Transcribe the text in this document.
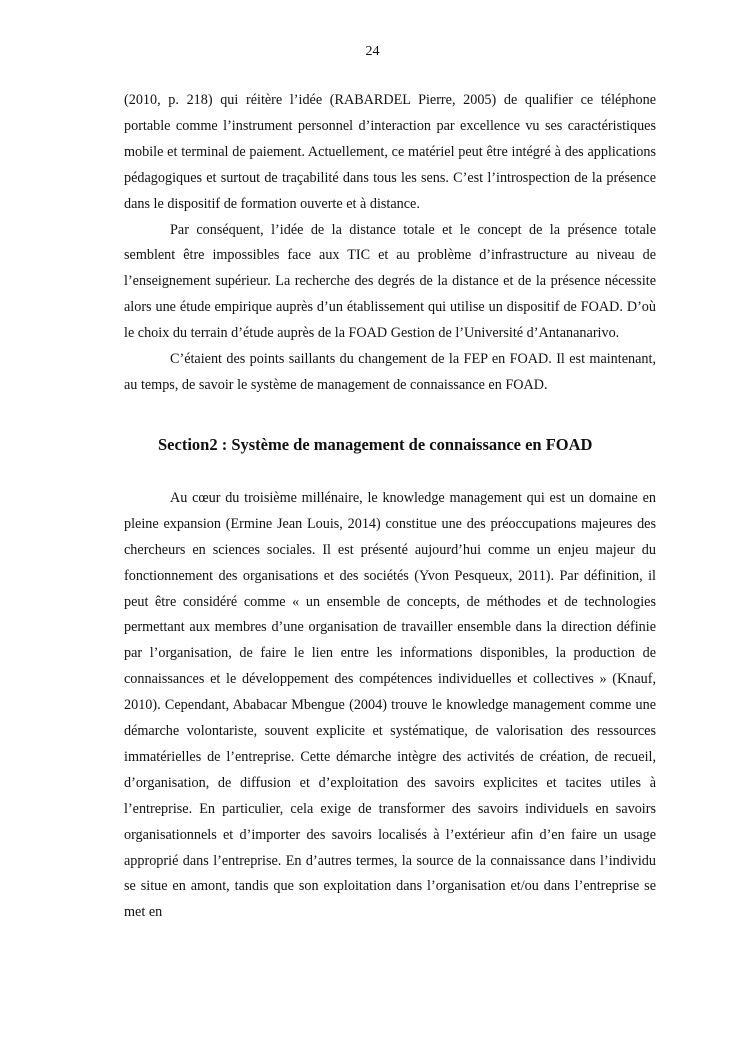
24

(2010, p. 218) qui réitère l’idée (RABARDEL Pierre, 2005) de qualifier ce téléphone portable comme l’instrument personnel d’interaction par excellence vu ses caractéristiques mobile et terminal de paiement. Actuellement, ce matériel peut être intégré à des applications pédagogiques et surtout de traçabilité dans tous les sens. C’est l’introspection de la présence dans le dispositif de formation ouverte et à distance.

Par conséquent, l’idée de la distance totale et le concept de la présence totale semblent être impossibles face aux TIC et au problème d’infrastructure au niveau de l’enseignement supérieur. La recherche des degrés de la distance et de la présence nécessite alors une étude empirique auprès d’un établissement qui utilise un dispositif de FOAD. D’où le choix du terrain d’étude auprès de la FOAD Gestion de l’Université d’Antananarivo.

C’étaient des points saillants du changement de la FEP en FOAD. Il est maintenant, au temps, de savoir le système de management de connaissance en FOAD.

Section2 : Système de management de connaissance en FOAD

Au cœur du troisième millénaire, le knowledge management qui est un domaine en pleine expansion (Ermine Jean Louis, 2014) constitue une des préoccupations majeures des chercheurs en sciences sociales. Il est présenté aujourd’hui comme un enjeu majeur du fonctionnement des organisations et des sociétés (Yvon Pesqueux, 2011). Par définition, il peut être considéré comme « un ensemble de concepts, de méthodes et de technologies permettant aux membres d’une organisation de travailler ensemble dans la direction définie par l’organisation, de faire le lien entre les informations disponibles, la production de connaissances et le développement des compétences individuelles et collectives » (Knauf, 2010). Cependant, Ababacar Mbengue (2004) trouve le knowledge management comme une démarche volontariste, souvent explicite et systématique, de valorisation des ressources immatérielles de l’entreprise. Cette démarche intègre des activités de création, de recueil, d’organisation, de diffusion et d’exploitation des savoirs explicites et tacites utiles à l’entreprise. En particulier, cela exige de transformer des savoirs individuels en savoirs organisationnels et d’importer des savoirs localisés à l’extérieur afin d’en faire un usage approprié dans l’entreprise. En d’autres termes, la source de la connaissance dans l’individu se situe en amont, tandis que son exploitation dans l’organisation et/ou dans l’entreprise se met en
